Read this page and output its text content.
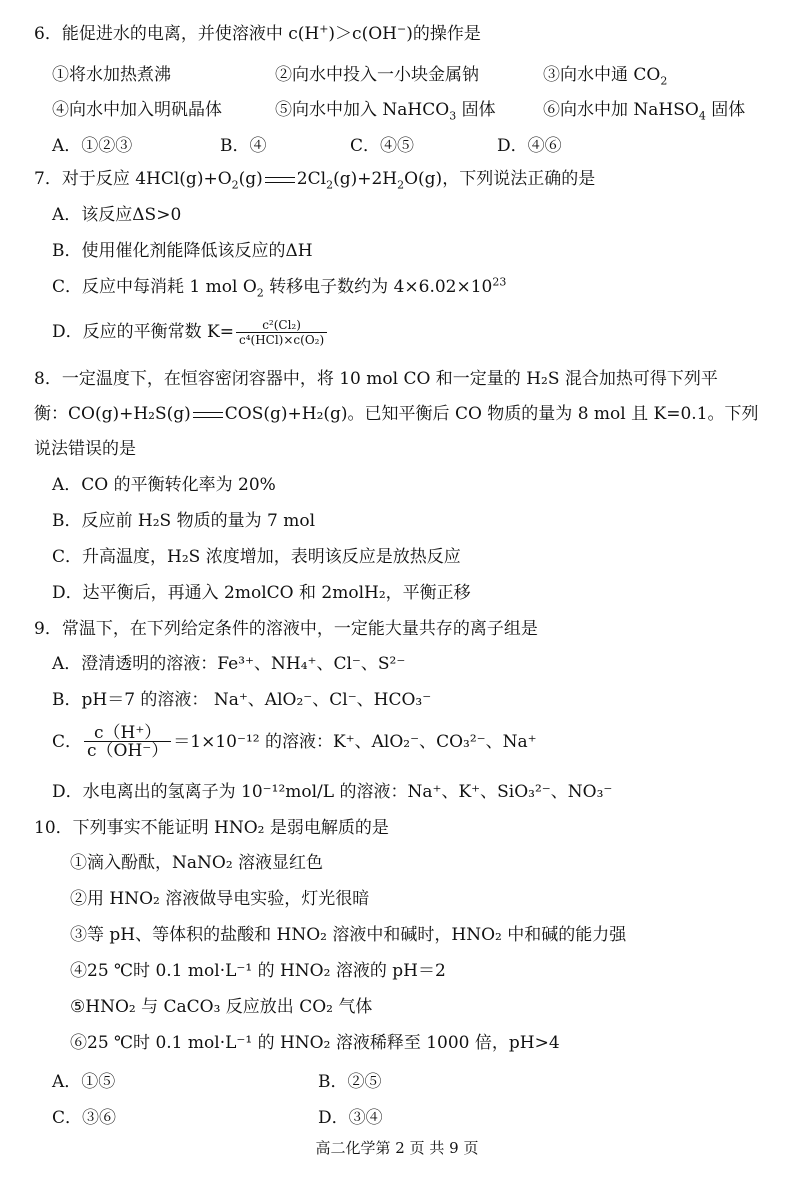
6．能促进水的电离，并使溶液中 c(H+)＞c(OH−)的操作是
①将水加热煮沸	②向水中投入一小块金属钠	③向水中通 $CO_2$
④向水中加入明矾晶体	⑤向水中加入 NaHCO$_3$ 固体	⑥向水中加 NaHSO$_4$ 固体
A．①②③	B．④	C．④⑤	D．④⑥
7．对于反应 $4HCl(g)+O_2(g)$ $2Cl_2(g)+2H_2O(g)$，下列说法正确的是
A．该反应ΔS>0
B．使用催化剂能降低该反应的ΔH
C．反应中每消耗 1 mol $O_2$ 转移电子数约为 $4\times 6.02\times 10^{23}$
D．反应的平衡常数 $K= \frac{\text{c²(Cl₂)}}{\text{c⁴(HCl)×c(O₂)}}$
8．一定温度下，在恒容密闭容器中，将 10 mol CO 和一定量的 H₂S 混合加热可得下列平
衡：CO(g)+H₂S(g) COS(g)+H₂(g)。已知平衡后 CO 物质的量为 8 mol 且 K=0.1。下列
说法错误的是
A．CO 的平衡转化率为 20%
B．反应前 H₂S 物质的量为 7 mol
C．升高温度，H₂S 浓度增加，表明该反应是放热反应
D．达平衡后，再通入 2molCO 和 2molH₂，平衡正移
9．常温下，在下列给定条件的溶液中，一定能大量共存的离子组是
A．澄清透明的溶液：Fe³⁺、NH₄⁺、Cl⁻、S²⁻
B．pH＝7 的溶液： Na⁺、AlO₂⁻、Cl⁻、HCO₃⁻
C． $\frac{c(H^+)}{c(OH^-)} =1\times 10^{-12}$ 的溶液：K⁺、AlO₂⁻、CO₃²⁻、Na⁺
D．水电离出的氢离子为 10⁻¹²mol/L 的溶液：Na⁺、K⁺、SiO₃²⁻、NO₃⁻
10．下列事实不能证明 HNO₂ 是弱电解质的是
①滴入酚酞，NaNO₂ 溶液显红色
②用 HNO₂ 溶液做导电实验，灯光很暗
③等 pH、等体积的盐酸和 HNO₂ 溶液中和碱时，HNO₂ 中和碱的能力强
④25 ℃时 0.1 mol·L⁻¹ 的 HNO₂ 溶液的 pH＝2
⑤HNO₂ 与 CaCO₃ 反应放出 CO₂ 气体
⑥25 ℃时 0.1 mol·L⁻¹ 的 HNO₂ 溶液稀释至 1000 倍，pH>4
A．①⑤	B．②⑤
C．③⑥	D．③④
高二化学第 2 页 共 9 页
